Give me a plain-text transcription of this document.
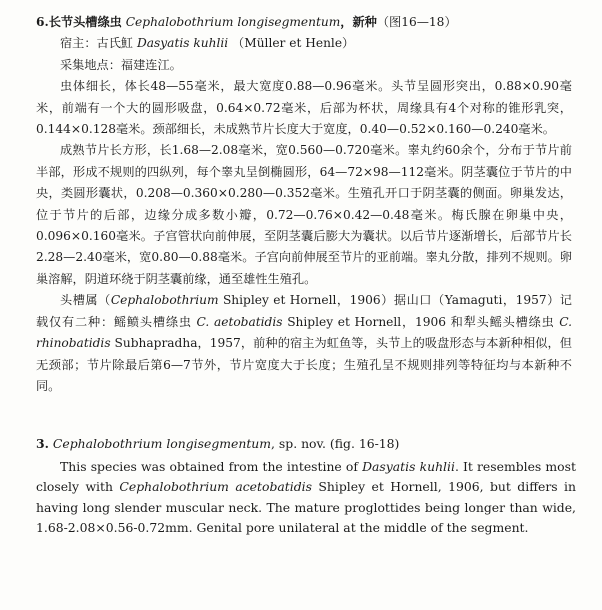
6.长节头槽绦虫 Cephalobothrium longisegmentum，新种（图16—18）

宿主：古氏魟 Dasyatis kuhlii （Müller et Henle）

采集地点：福建连江。

虫体细长，体长48—55毫米，最大宽度0.88—0.96毫米。头节呈圆形突出，0.88×0.90毫米，前端有一个大的圆形吸盘，0.64×0.72毫米，后部为杯状，周缘具有4个对称的锥形乳突，0.144×0.128毫米。颈部细长，未成熟节片长度大于宽度，0.40—0.52×0.160—0.240毫米。

成熟节片长方形，长1.68—2.08毫米，宽0.560—0.720毫米。睾丸约60余个，分布于节片前半部，形成不规则的四纵列，每个睾丸呈倒椭圆形，64—72×98—112毫米。阴茎囊位于节片的中央，类圆形囊状，0.208—0.360×0.280—0.352毫米。生殖孔开口于阴茎囊的侧面。卵巢发达，位于节片的后部，边缘分成多数小瓣，0.72—0.76×0.42—0.48毫米。梅氏腺在卵巢中央，0.096×0.160毫米。子宫管状向前伸展，至阴茎囊后膨大为囊状。以后节片逐渐增长，后部节片长2.28—2.40毫米，宽0.80—0.88毫米。子宫向前伸展至节片的亚前端。睾丸分散，排列不规则。卵巢溶解，阴道环绕于阴茎囊前缘，通至雄性生殖孔。

头槽属（Cephalobothrium Shipley et Hornell，1906）据山口（Yamaguti，1957）记载仅有二种：鳐鲼头槽绦虫 C. aetobatidis Shipley et Hornell，1906 和犁头鳐头槽绦虫 C. rhinobatidis Subhapradha，1957，前种的宿主为虹鱼等，头节上的吸盘形态与本新种相似，但无颈部；节片除最后第6—7节外，节片宽度大于长度；生殖孔呈不规则排列等特征均与本新种不同。

3. Cephalobothrium longisegmentum, sp. nov. (fig. 16-18)

This species was obtained from the intestine of Dasyatis kuhlii. It resembles most closely with Cephalobothrium acetobatidis Shipley et Hornell, 1906, but differs in having long slender muscular neck. The mature proglottides being longer than wide, 1.68-2.08×0.56-0.72mm. Genital pore unilateral at the middle of the segment.
